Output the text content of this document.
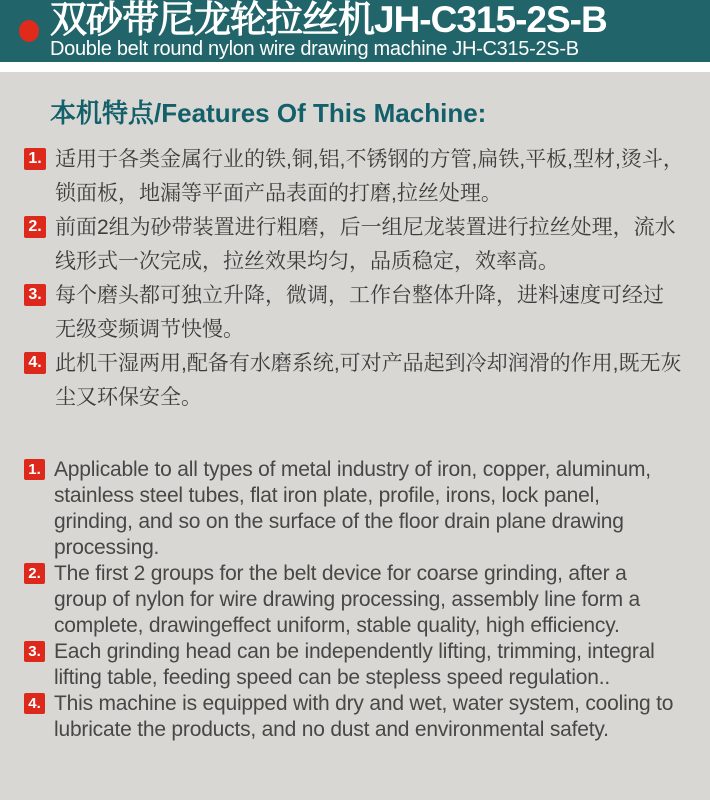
双砂带尼龙轮拉丝机JH-C315-2S-B
Double belt round nylon wire drawing machine JH-C315-2S-B
本机特点/Features Of This Machine:
1. 适用于各类金属行业的铁,铜,铝,不锈钢的方管,扁铁,平板,型材,烫斗，锁面板，地漏等平面产品表面的打磨,拉丝处理。
2. 前面2组为砂带装置进行粗磨，后一组尼龙装置进行拉丝处理，流水线形式一次完成，拉丝效果均匀，品质稳定，效率高。
3. 每个磨头都可独立升降，微调，工作台整体升降，进料速度可经过无级变频调节快慢。
4. 此机干湿两用,配备有水磨系统,可对产品起到冷却润滑的作用,既无灰尘又环保安全。
1. Applicable to all types of metal industry of iron, copper, aluminum, stainless steel tubes, flat iron plate, profile, irons, lock panel, grinding, and so on the surface of the floor drain plane drawing processing.
2. The first 2 groups for the belt device for coarse grinding, after a group of nylon for wire drawing processing, assembly line form a complete, drawingeffect uniform, stable quality, high efficiency.
3. Each grinding head can be independently lifting, trimming, integral lifting table, feeding speed can be stepless speed regulation..
4. This machine is equipped with dry and wet, water system, cooling to lubricate the products, and no dust and environmental safety.
